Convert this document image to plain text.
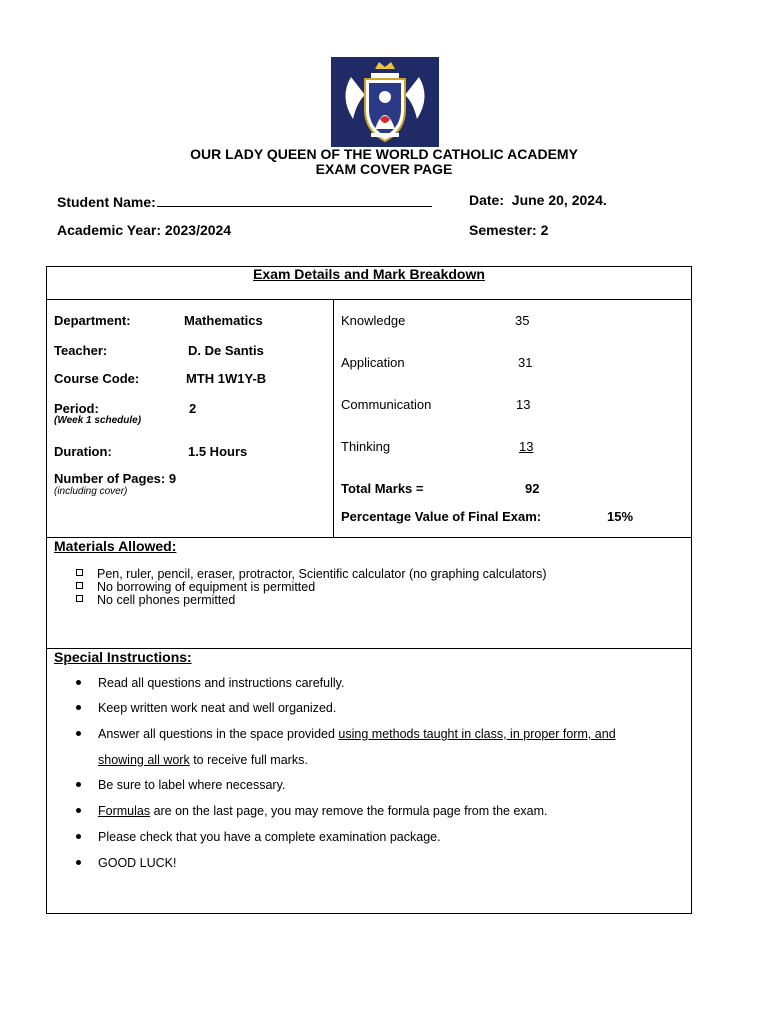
OUR LADY QUEEN OF THE WORLD CATHOLIC ACADEMY
EXAM COVER PAGE
Student Name:	Date: June 20, 2024.
Academic Year: 2023/2024	Semester: 2
Exam Details and Mark Breakdown
Department:	Mathematics
Teacher:	D. De Santis
Course Code:	MTH 1W1Y-B
Period:	2
(Week 1 schedule)
Duration:	1.5 Hours
Number of Pages: 9
(including cover)
Knowledge	35
Application	31
Communication	13
Thinking	13
Total Marks =	92
Percentage Value of Final Exam:	15%
Materials Allowed:
Pen, ruler, pencil, eraser, protractor, Scientific calculator (no graphing calculators)
No borrowing of equipment is permitted
No cell phones permitted
Special Instructions:
Read all questions and instructions carefully.
Keep written work neat and well organized.
Answer all questions in the space provided using methods taught in class, in proper form, and
showing all work to receive full marks.
Be sure to label where necessary.
Formulas are on the last page, you may remove the formula page from the exam.
Please check that you have a complete examination package.
GOOD LUCK!
